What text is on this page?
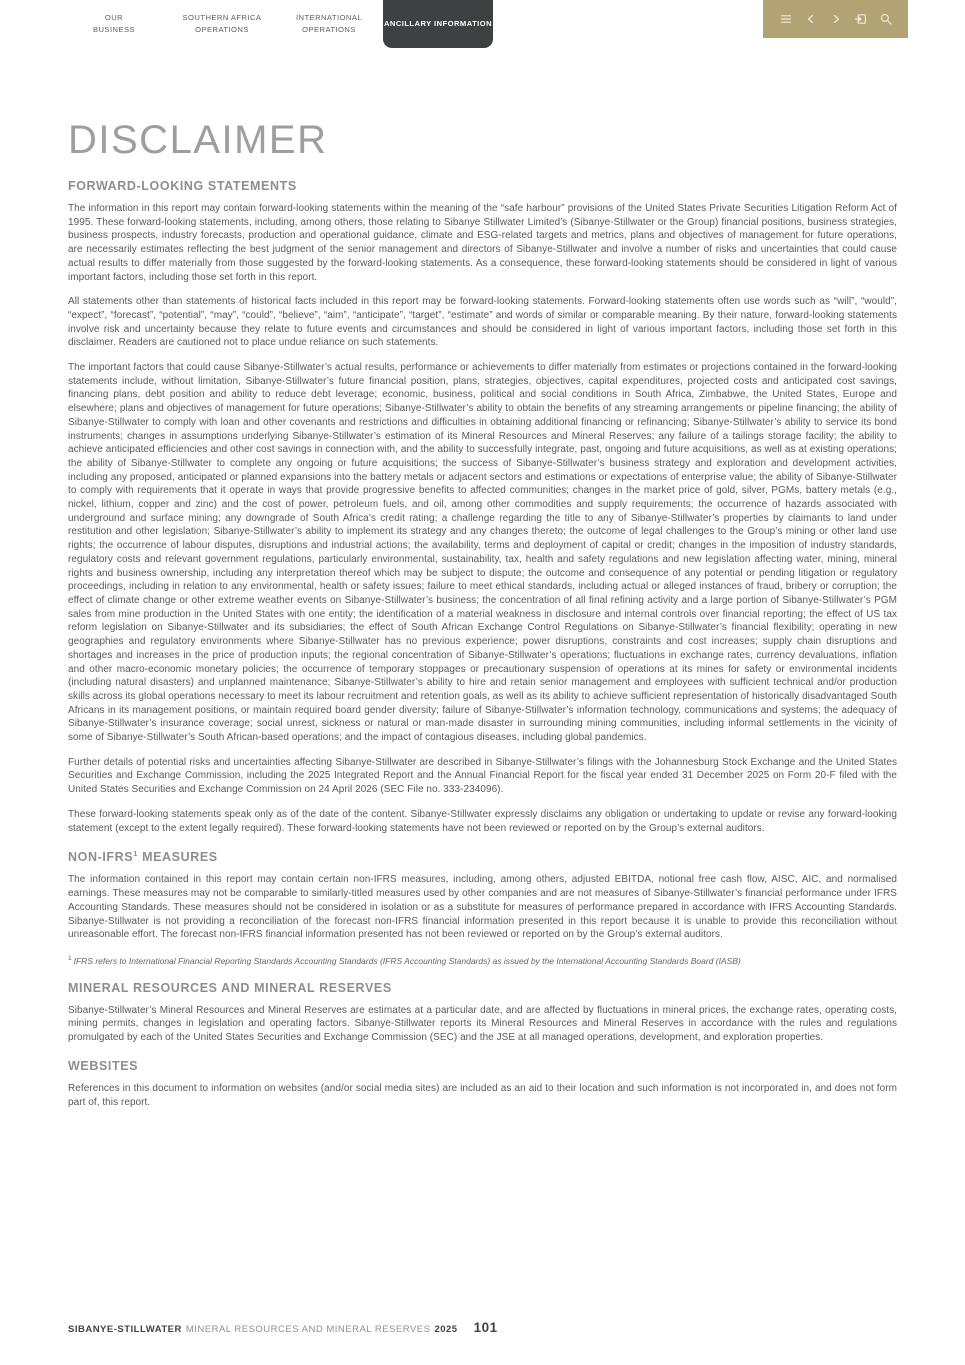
OUR BUSINESS
SOUTHERN AFRICA OPERATIONS
INTERNATIONAL OPERATIONS
ANCILLARY INFORMATION
DISCLAIMER
FORWARD-LOOKING STATEMENTS

The information in this report may contain forward-looking statements within the meaning of the “safe harbour” provisions of the United States Private Securities Litigation Reform Act of 1995. These forward-looking statements, including, among others, those relating to Sibanye Stillwater Limited’s (Sibanye-Stillwater or the Group) financial positions, business strategies, business prospects, industry forecasts, production and operational guidance, climate and ESG-related targets and metrics, plans and objectives of management for future operations, are necessarily estimates reflecting the best judgment of the senior management and directors of Sibanye-Stillwater and involve a number of risks and uncertainties that could cause actual results to differ materially from those suggested by the forward-looking statements. As a consequence, these forward-looking statements should be considered in light of various important factors, including those set forth in this report.

All statements other than statements of historical facts included in this report may be forward-looking statements. Forward-looking statements often use words such as “will”, “would”, “expect”, “forecast”, “potential”, “may”, “could”, “believe”, “aim”, “anticipate”, “target”, “estimate” and words of similar or comparable meaning. By their nature, forward-looking statements involve risk and uncertainty because they relate to future events and circumstances and should be considered in light of various important factors, including those set forth in this disclaimer. Readers are cautioned not to place undue reliance on such statements.

The important factors that could cause Sibanye-Stillwater’s actual results, performance or achievements to differ materially from estimates or projections contained in the forward-looking statements include, without limitation, Sibanye-Stillwater’s future financial position, plans, strategies, objectives, capital expenditures, projected costs and anticipated cost savings, financing plans, debt position and ability to reduce debt leverage; economic, business, political and social conditions in South Africa, Zimbabwe, the United States, Europe and elsewhere; plans and objectives of management for future operations; Sibanye-Stillwater’s ability to obtain the benefits of any streaming arrangements or pipeline financing; the ability of Sibanye-Stillwater to comply with loan and other covenants and restrictions and difficulties in obtaining additional financing or refinancing; Sibanye-Stillwater’s ability to service its bond instruments; changes in assumptions underlying Sibanye-Stillwater’s estimation of its Mineral Resources and Mineral Reserves; any failure of a tailings storage facility; the ability to achieve anticipated efficiencies and other cost savings in connection with, and the ability to successfully integrate, past, ongoing and future acquisitions, as well as at existing operations; the ability of Sibanye-Stillwater to complete any ongoing or future acquisitions; the success of Sibanye-Stillwater’s business strategy and exploration and development activities, including any proposed, anticipated or planned expansions into the battery metals or adjacent sectors and estimations or expectations of enterprise value; the ability of Sibanye-Stillwater to comply with requirements that it operate in ways that provide progressive benefits to affected communities; changes in the market price of gold, silver, PGMs, battery metals (e.g., nickel, lithium, copper and zinc) and the cost of power, petroleum fuels, and oil, among other commodities and supply requirements; the occurrence of hazards associated with underground and surface mining; any downgrade of South Africa’s credit rating; a challenge regarding the title to any of Sibanye-Stillwater’s properties by claimants to land under restitution and other legislation; Sibanye-Stillwater’s ability to implement its strategy and any changes thereto; the outcome of legal challenges to the Group’s mining or other land use rights; the occurrence of labour disputes, disruptions and industrial actions; the availability, terms and deployment of capital or credit; changes in the imposition of industry standards, regulatory costs and relevant government regulations, particularly environmental, sustainability, tax, health and safety regulations and new legislation affecting water, mining, mineral rights and business ownership, including any interpretation thereof which may be subject to dispute; the outcome and consequence of any potential or pending litigation or regulatory proceedings, including in relation to any environmental, health or safety issues; failure to meet ethical standards, including actual or alleged instances of fraud, bribery or corruption; the effect of climate change or other extreme weather events on Sibanye-Stillwater’s business; the concentration of all final refining activity and a large portion of Sibanye-Stillwater’s PGM sales from mine production in the United States with one entity; the identification of a material weakness in disclosure and internal controls over financial reporting; the effect of US tax reform legislation on Sibanye-Stillwater and its subsidiaries; the effect of South African Exchange Control Regulations on Sibanye-Stillwater’s financial flexibility; operating in new geographies and regulatory environments where Sibanye-Stillwater has no previous experience; power disruptions, constraints and cost increases; supply chain disruptions and shortages and increases in the price of production inputs; the regional concentration of Sibanye-Stillwater’s operations; fluctuations in exchange rates, currency devaluations, inflation and other macro-economic monetary policies; the occurrence of temporary stoppages or precautionary suspension of operations at its mines for safety or environmental incidents (including natural disasters) and unplanned maintenance; Sibanye-Stillwater’s ability to hire and retain senior management and employees with sufficient technical and/or production skills across its global operations necessary to meet its labour recruitment and retention goals, as well as its ability to achieve sufficient representation of historically disadvantaged South Africans in its management positions, or maintain required board gender diversity; failure of Sibanye-Stillwater’s information technology, communications and systems; the adequacy of Sibanye-Stillwater’s insurance coverage; social unrest, sickness or natural or man-made disaster in surrounding mining communities, including informal settlements in the vicinity of some of Sibanye-Stillwater’s South African-based operations; and the impact of contagious diseases, including global pandemics.

Further details of potential risks and uncertainties affecting Sibanye-Stillwater are described in Sibanye-Stillwater’s filings with the Johannesburg Stock Exchange and the United States Securities and Exchange Commission, including the 2025 Integrated Report and the Annual Financial Report for the fiscal year ended 31 December 2025 on Form 20-F filed with the United States Securities and Exchange Commission on 24 April 2026 (SEC File no. 333-234096).

These forward-looking statements speak only as of the date of the content. Sibanye-Stillwater expressly disclaims any obligation or undertaking to update or revise any forward-looking statement (except to the extent legally required). These forward-looking statements have not been reviewed or reported on by the Group’s external auditors.

NON-IFRS$^1$ MEASURES

The information contained in this report may contain certain non-IFRS measures, including, among others, adjusted EBITDA, notional free cash flow, AISC, AIC, and normalised earnings. These measures may not be comparable to similarly-titled measures used by other companies and are not measures of Sibanye-Stillwater’s financial performance under IFRS Accounting Standards. These measures should not be considered in isolation or as a substitute for measures of performance prepared in accordance with IFRS Accounting Standards. Sibanye-Stillwater is not providing a reconciliation of the forecast non-IFRS financial information presented in this report because it is unable to provide this reconciliation without unreasonable effort. The forecast non-IFRS financial information presented has not been reviewed or reported on by the Group’s external auditors.

$^1$ IFRS refers to International Financial Reporting Standards Accounting Standards (IFRS Accounting Standards) as issued by the International Accounting Standards Board (IASB)

MINERAL RESOURCES AND MINERAL RESERVES

Sibanye-Stillwater’s Mineral Resources and Mineral Reserves are estimates at a particular date, and are affected by fluctuations in mineral prices, the exchange rates, operating costs, mining permits, changes in legislation and operating factors. Sibanye-Stillwater reports its Mineral Resources and Mineral Reserves in accordance with the rules and regulations promulgated by each of the United States Securities and Exchange Commission (SEC) and the JSE at all managed operations, development, and exploration properties.

WEBSITES

References in this document to information on websites (and/or social media sites) are included as an aid to their location and such information is not incorporated in, and does not form part of, this report.

SIBANYE-STILLWATER MINERAL RESOURCES AND MINERAL RESERVES 2025 101
